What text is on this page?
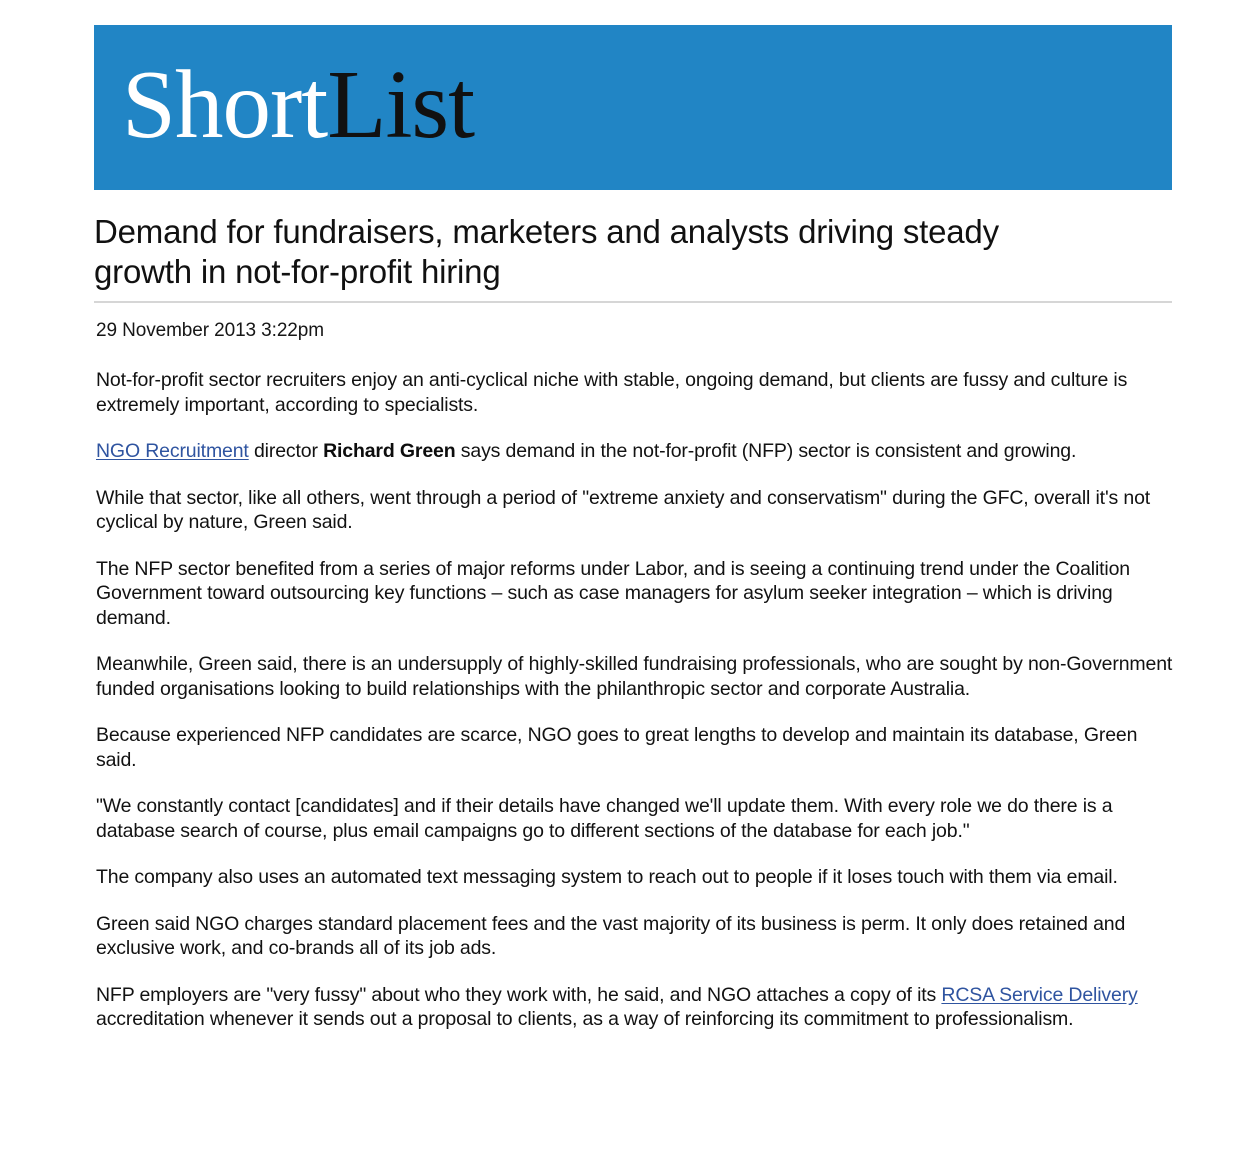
ShortList
Demand for fundraisers, marketers and analysts driving steady growth in not-for-profit hiring
29 November 2013 3:22pm

Not-for-profit sector recruiters enjoy an anti-cyclical niche with stable, ongoing demand, but clients are fussy and culture is extremely important, according to specialists.

NGO Recruitment director Richard Green says demand in the not-for-profit (NFP) sector is consistent and growing.

While that sector, like all others, went through a period of "extreme anxiety and conservatism" during the GFC, overall it's not cyclical by nature, Green said.

The NFP sector benefited from a series of major reforms under Labor, and is seeing a continuing trend under the Coalition Government toward outsourcing key functions – such as case managers for asylum seeker integration – which is driving demand.

Meanwhile, Green said, there is an undersupply of highly-skilled fundraising professionals, who are sought by non-Government funded organisations looking to build relationships with the philanthropic sector and corporate Australia.

Because experienced NFP candidates are scarce, NGO goes to great lengths to develop and maintain its database, Green said.

"We constantly contact [candidates] and if their details have changed we'll update them. With every role we do there is a database search of course, plus email campaigns go to different sections of the database for each job."

The company also uses an automated text messaging system to reach out to people if it loses touch with them via email.

Green said NGO charges standard placement fees and the vast majority of its business is perm. It only does retained and exclusive work, and co-brands all of its job ads.

NFP employers are "very fussy" about who they work with, he said, and NGO attaches a copy of its RCSA Service Delivery accreditation whenever it sends out a proposal to clients, as a way of reinforcing its commitment to professionalism.
